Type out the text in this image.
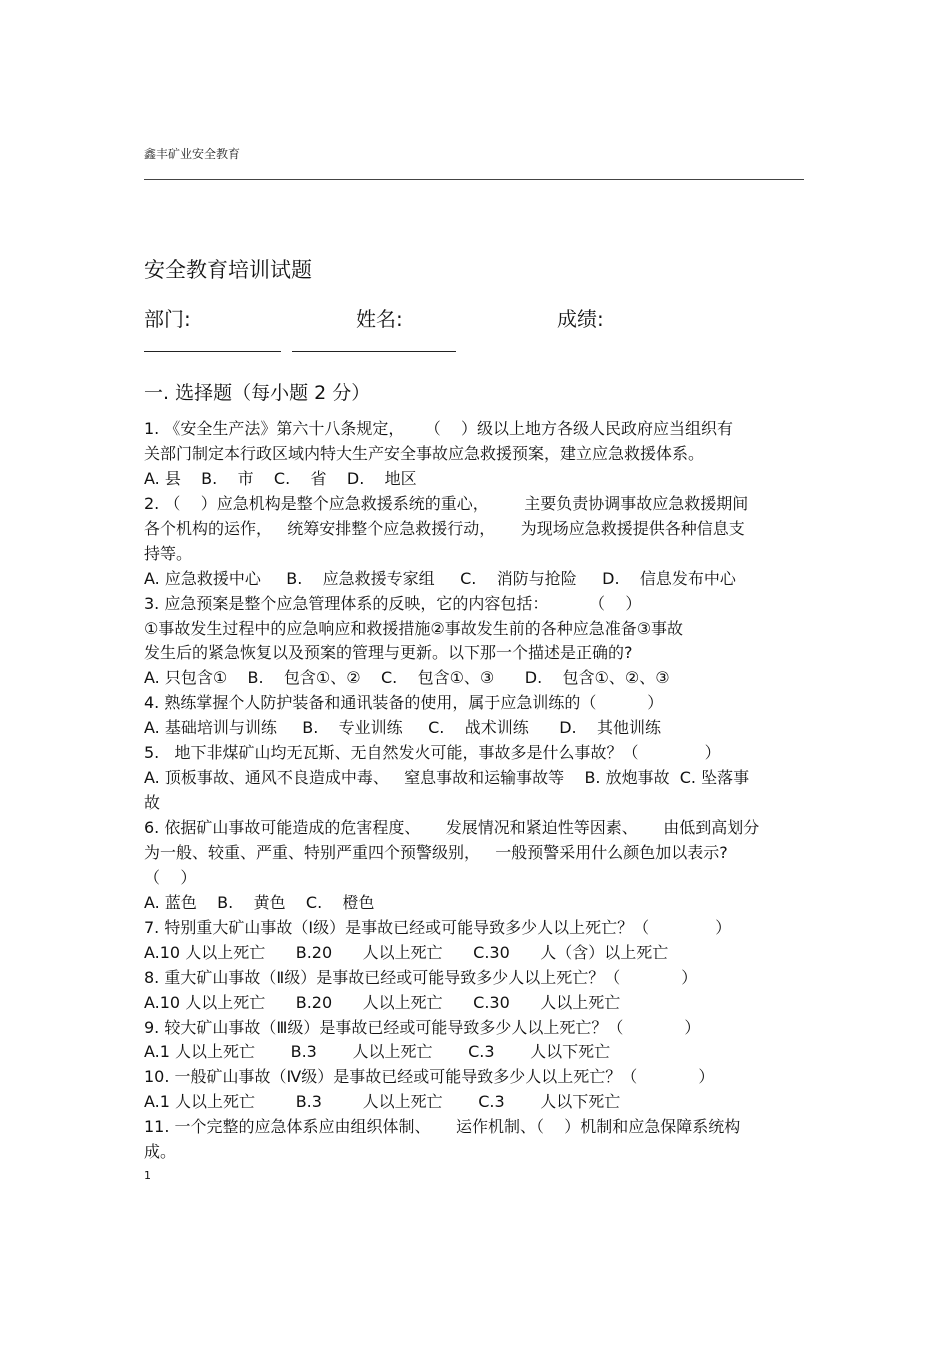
鑫丰矿业安全教育
安全教育培训试题
部门:	姓名:	成绩:
一. 选择题（每小题 2 分）
1. 《安全生产法》第六十八条规定，    （    ）级以上地方各级人民政府应当组织有
关部门制定本行政区域内特大生产安全事故应急救援预案，建立应急救援体系。
A. 县    B.    市    C.    省    D.    地区
2. （    ）应急机构是整个应急救援系统的重心，       主要负责协调事故应急救援期间
各个机构的运作，   统筹安排整个应急救援行动，     为现场应急救援提供各种信息支
持等。
A. 应急救援中心     B.    应急救援专家组     C.    消防与抢险     D.    信息发布中心
3. 应急预案是整个应急管理体系的反映，它的内容包括：        （    ）
①事故发生过程中的应急响应和救援措施②事故发生前的各种应急准备③事故
发生后的紧急恢复以及预案的管理与更新。以下那一个描述是正确的?
A. 只包含①    B.    包含①、②    C.    包含①、③      D.    包含①、②、③
4. 熟练掌握个人防护装备和通讯装备的使用，属于应急训练的（          ）
A. 基础培训与训练     B.    专业训练     C.    战术训练      D.    其他训练
5.   地下非煤矿山均无瓦斯、无自然发火可能，事故多是什么事故？（             ）
A. 顶板事故、通风不良造成中毒、   窒息事故和运输事故等    B. 放炮事故  C. 坠落事
故
6. 依据矿山事故可能造成的危害程度、     发展情况和紧迫性等因素、     由低到高划分
为一般、较重、严重、特别严重四个预警级别，   一般预警采用什么颜色加以表示?
（    ）
A. 蓝色    B.    黄色    C.    橙色
7. 特别重大矿山事故（Ⅰ级）是事故已经或可能导致多少人以上死亡？（             ）
A.10 人以上死亡      B.20      人以上死亡      C.30      人（含）以上死亡
8. 重大矿山事故（Ⅱ级）是事故已经或可能导致多少人以上死亡？（            ）
A.10 人以上死亡      B.20      人以上死亡      C.30      人以上死亡
9. 较大矿山事故（Ⅲ级）是事故已经或可能导致多少人以上死亡？（            ）
A.1 人以上死亡       B.3       人以上死亡       C.3       人以下死亡
10. 一般矿山事故（Ⅳ级）是事故已经或可能导致多少人以上死亡？（            ）
A.1 人以上死亡        B.3        人以上死亡       C.3       人以下死亡
11. 一个完整的应急体系应由组织体制、     运作机制、（    ）机制和应急保障系统构
成。
1
